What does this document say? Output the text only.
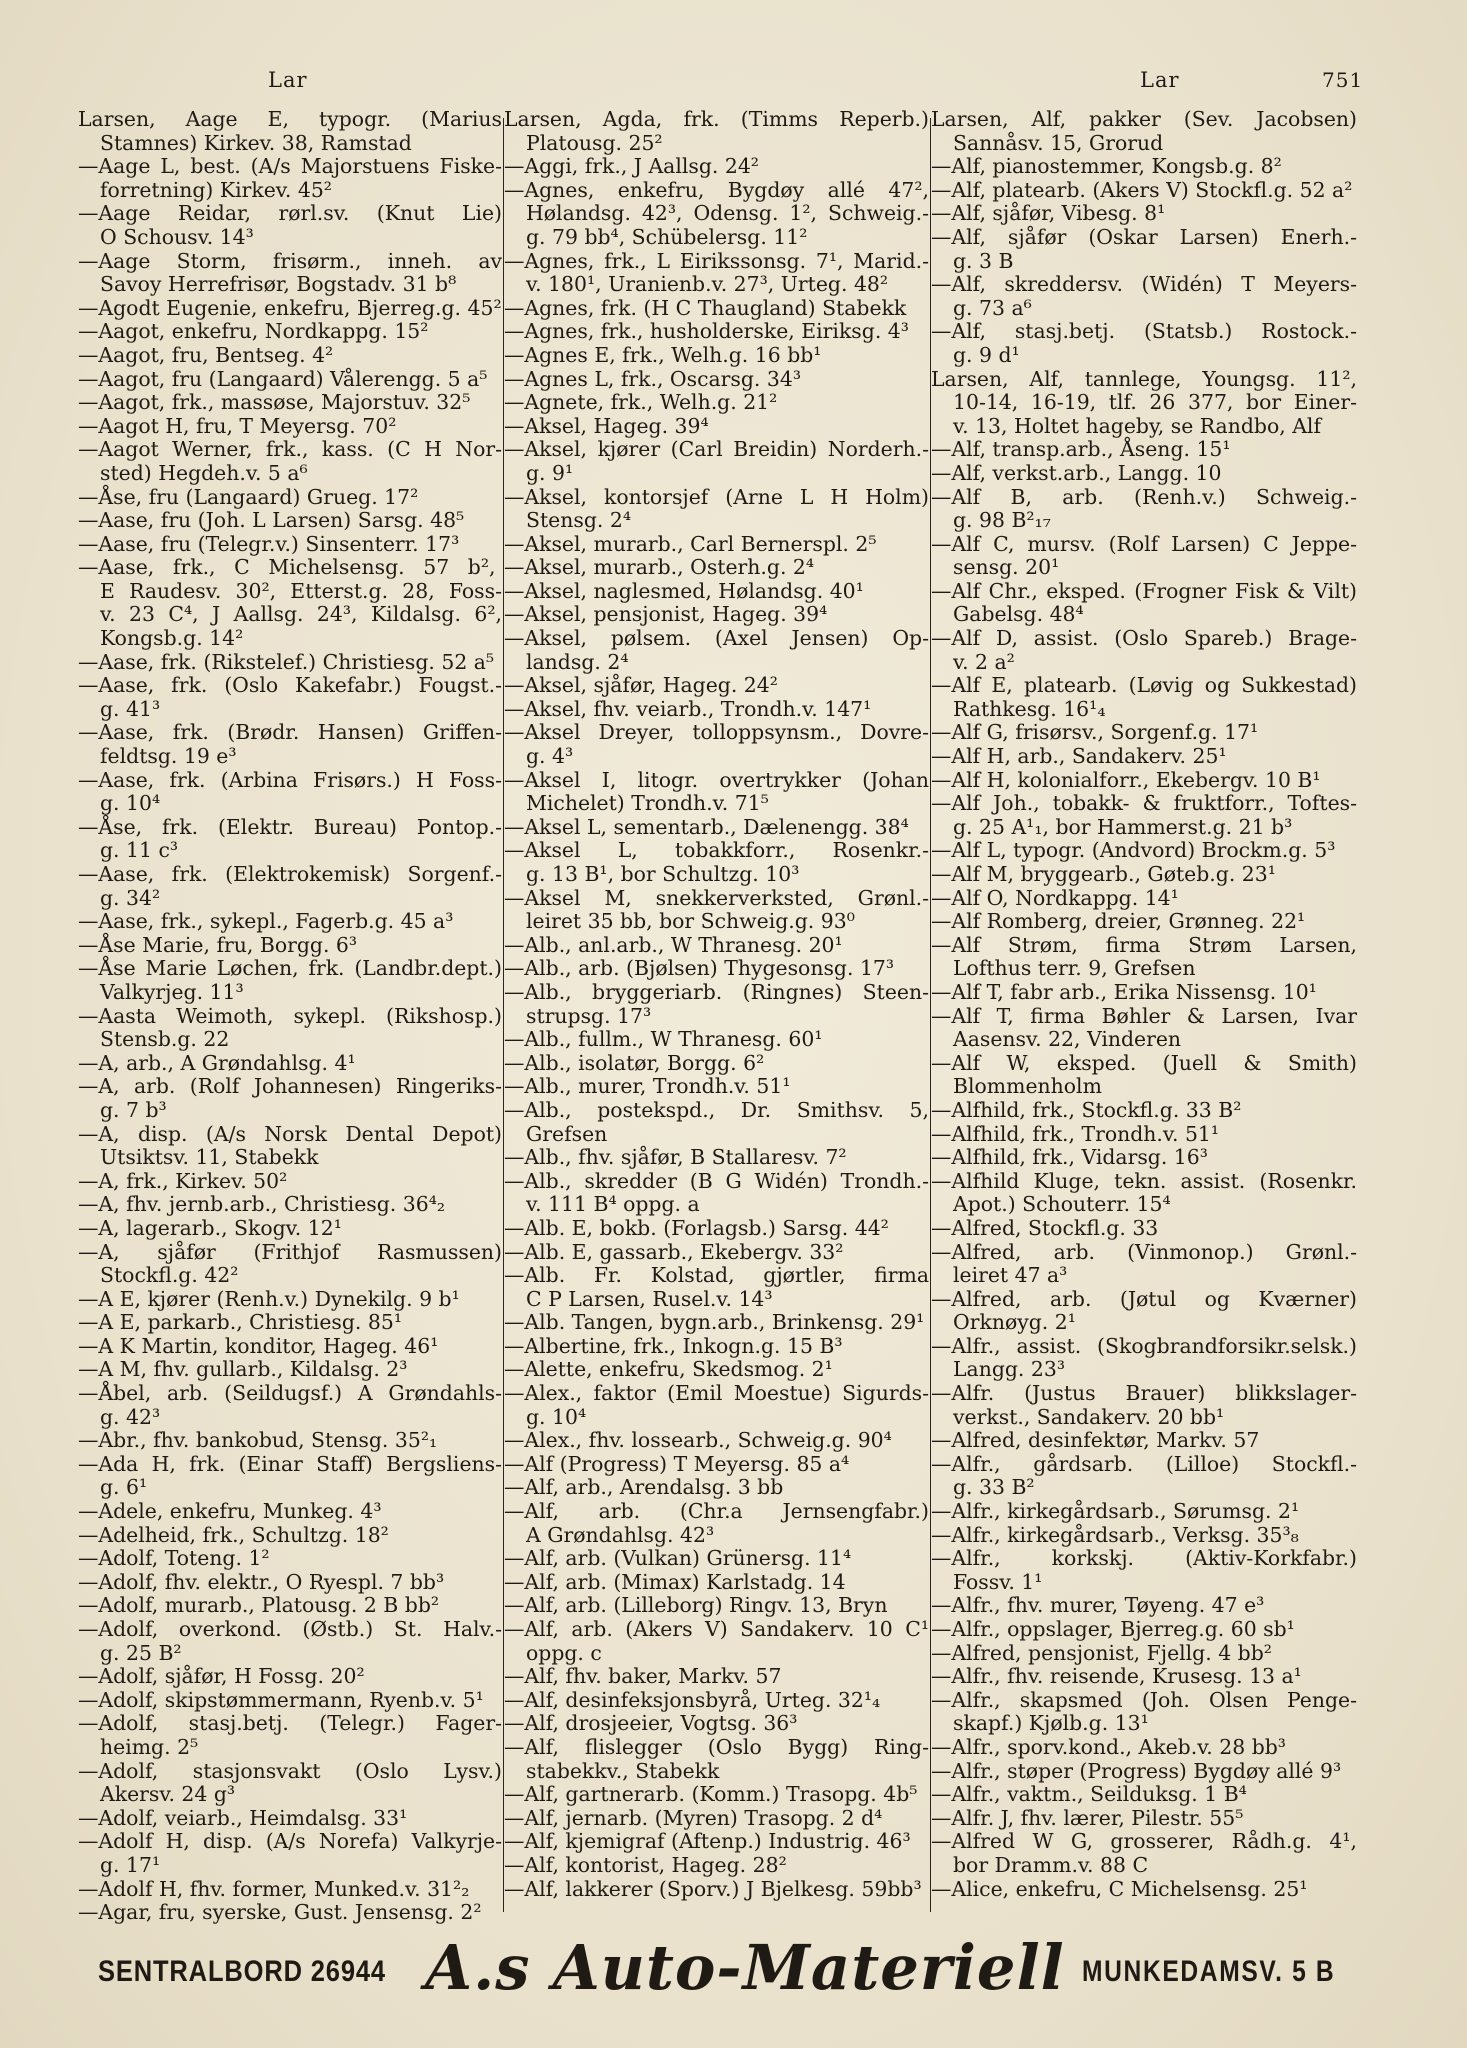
Lar	Lar	751
Larsen, Aage E, typogr. (Marius
Stamnes) Kirkev. 38, Ramstad
—Aage L, best. (A/s Majorstuens Fiske-
forretning) Kirkev. 45²
—Aage Reidar, rørl.sv. (Knut Lie)
O Schousv. 14³
—Aage Storm, frisørm., inneh. av
Savoy Herrefrisør, Bogstadv. 31 b⁸
—Agodt Eugenie, enkefru, Bjerreg.g. 45²
—Aagot, enkefru, Nordkappg. 15²
—Aagot, fru, Bentseg. 4²
—Aagot, fru (Langaard) Vålerengg. 5 a⁵
—Aagot, frk., massøse, Majorstuv. 32⁵
—Aagot H, fru, T Meyersg. 70²
—Aagot Werner, frk., kass. (C H Nor-
sted) Hegdeh.v. 5 a⁶
—Åse, fru (Langaard) Grueg. 17²
—Aase, fru (Joh. L Larsen) Sarsg. 48⁵
—Aase, fru (Telegr.v.) Sinsenterr. 17³
—Aase, frk., C Michelsensg. 57 b²,
E Raudesv. 30², Etterst.g. 28, Foss-
v. 23 C⁴, J Aallsg. 24³, Kildalsg. 6²,
Kongsb.g. 14²
—Aase, frk. (Rikstelef.) Christiesg. 52 a⁵
—Aase, frk. (Oslo Kakefabr.) Fougst.-
g. 41³
—Aase, frk. (Brødr. Hansen) Griffen-
feldtsg. 19 e³
—Aase, frk. (Arbina Frisørs.) H Foss-
g. 10⁴
—Åse, frk. (Elektr. Bureau) Pontop.-
g. 11 c³
—Aase, frk. (Elektrokemisk) Sorgenf.-
g. 34²
—Aase, frk., sykepl., Fagerb.g. 45 a³
—Åse Marie, fru, Borgg. 6³
—Åse Marie Løchen, frk. (Landbr.dept.)
Valkyrjeg. 11³
—Aasta Weimoth, sykepl. (Rikshosp.)
Stensb.g. 22
—A, arb., A Grøndahlsg. 4¹
—A, arb. (Rolf Johannesen) Ringeriks-
g. 7 b³
—A, disp. (A/s Norsk Dental Depot)
Utsiktsv. 11, Stabekk
—A, frk., Kirkev. 50²
—A, fhv. jernb.arb., Christiesg. 36⁴₂
—A, lagerarb., Skogv. 12¹
—A, sjåfør (Frithjof Rasmussen)
Stockfl.g. 42²
—A E, kjører (Renh.v.) Dynekilg. 9 b¹
—A E, parkarb., Christiesg. 85¹
—A K Martin, konditor, Hageg. 46¹
—A M, fhv. gullarb., Kildalsg. 2³
—Åbel, arb. (Seildugsf.) A Grøndahls-
g. 42³
—Abr., fhv. bankobud, Stensg. 35²₁
—Ada H, frk. (Einar Staff) Bergsliens-
g. 6¹
—Adele, enkefru, Munkeg. 4³
—Adelheid, frk., Schultzg. 18²
—Adolf, Toteng. 1²
—Adolf, fhv. elektr., O Ryespl. 7 bb³
—Adolf, murarb., Platousg. 2 B bb²
—Adolf, overkond. (Østb.) St. Halv.-
g. 25 B²
—Adolf, sjåfør, H Fossg. 20²
—Adolf, skipstømmermann, Ryenb.v. 5¹
—Adolf, stasj.betj. (Telegr.) Fager-
heimg. 2⁵
—Adolf, stasjonsvakt (Oslo Lysv.)
Akersv. 24 g³
—Adolf, veiarb., Heimdalsg. 33¹
—Adolf H, disp. (A/s Norefa) Valkyrje-
g. 17¹
—Adolf H, fhv. former, Munked.v. 31²₂
—Agar, fru, syerske, Gust. Jensensg. 2²
Larsen, Agda, frk. (Timms Reperb.)
Platousg. 25²
—Aggi, frk., J Aallsg. 24²
—Agnes, enkefru, Bygdøy allé 47²,
Hølandsg. 42³, Odensg. 1², Schweig.-
g. 79 bb⁴, Schübelersg. 11²
—Agnes, frk., L Eirikssonsg. 7¹, Marid.-
v. 180¹, Uranienb.v. 27³, Urteg. 48²
—Agnes, frk. (H C Thaugland) Stabekk
—Agnes, frk., husholderske, Eiriksg. 4³
—Agnes E, frk., Welh.g. 16 bb¹
—Agnes L, frk., Oscarsg. 34³
—Agnete, frk., Welh.g. 21²
—Aksel, Hageg. 39⁴
—Aksel, kjører (Carl Breidin) Norderh.-
g. 9¹
—Aksel, kontorsjef (Arne L H Holm)
Stensg. 2⁴
—Aksel, murarb., Carl Bernerspl. 2⁵
—Aksel, murarb., Osterh.g. 2⁴
—Aksel, naglesmed, Hølandsg. 40¹
—Aksel, pensjonist, Hageg. 39⁴
—Aksel, pølsem. (Axel Jensen) Op-
landsg. 2⁴
—Aksel, sjåfør, Hageg. 24²
—Aksel, fhv. veiarb., Trondh.v. 147¹
—Aksel Dreyer, tolloppsynsm., Dovre-
g. 4³
—Aksel I, litogr. overtrykker (Johan
Michelet) Trondh.v. 71⁵
—Aksel L, sementarb., Dælenengg. 38⁴
—Aksel L, tobakkforr., Rosenkr.-
g. 13 B¹, bor Schultzg. 10³
—Aksel M, snekkerverksted, Grønl.-
leiret 35 bb, bor Schweig.g. 93⁰
—Alb., anl.arb., W Thranesg. 20¹
—Alb., arb. (Bjølsen) Thygesonsg. 17³
—Alb., bryggeriarb. (Ringnes) Steen-
strupsg. 17³
—Alb., fullm., W Thranesg. 60¹
—Alb., isolatør, Borgg. 6²
—Alb., murer, Trondh.v. 51¹
—Alb., postekspd., Dr. Smithsv. 5,
Grefsen
—Alb., fhv. sjåfør, B Stallaresv. 7²
—Alb., skredder (B G Widén) Trondh.-
v. 111 B⁴ oppg. a
—Alb. E, bokb. (Forlagsb.) Sarsg. 44²
—Alb. E, gassarb., Ekebergv. 33²
—Alb. Fr. Kolstad, gjørtler, firma
C P Larsen, Rusel.v. 14³
—Alb. Tangen, bygn.arb., Brinkensg. 29¹
—Albertine, frk., Inkogn.g. 15 B³
—Alette, enkefru, Skedsmog. 2¹
—Alex., faktor (Emil Moestue) Sigurds-
g. 10⁴
—Alex., fhv. lossearb., Schweig.g. 90⁴
—Alf (Progress) T Meyersg. 85 a⁴
—Alf, arb., Arendalsg. 3 bb
—Alf, arb. (Chr.a Jernsengfabr.)
A Grøndahlsg. 42³
—Alf, arb. (Vulkan) Grünersg. 11⁴
—Alf, arb. (Mimax) Karlstadg. 14
—Alf, arb. (Lilleborg) Ringv. 13, Bryn
—Alf, arb. (Akers V) Sandakerv. 10 C¹
oppg. c
—Alf, fhv. baker, Markv. 57
—Alf, desinfeksjonsbyrå, Urteg. 32¹₄
—Alf, drosjeeier, Vogtsg. 36³
—Alf, flislegger (Oslo Bygg) Ring-
stabekkv., Stabekk
—Alf, gartnerarb. (Komm.) Trasopg. 4b⁵
—Alf, jernarb. (Myren) Trasopg. 2 d⁴
—Alf, kjemigraf (Aftenp.) Industrig. 46³
—Alf, kontorist, Hageg. 28²
—Alf, lakkerer (Sporv.) J Bjelkesg. 59bb³
Larsen, Alf, pakker (Sev. Jacobsen)
Sannåsv. 15, Grorud
—Alf, pianostemmer, Kongsb.g. 8²
—Alf, platearb. (Akers V) Stockfl.g. 52 a²
—Alf, sjåfør, Vibesg. 8¹
—Alf, sjåfør (Oskar Larsen) Enerh.-
g. 3 B
—Alf, skreddersv. (Widén) T Meyers-
g. 73 a⁶
—Alf, stasj.betj. (Statsb.) Rostock.-
g. 9 d¹
Larsen, Alf, tannlege, Youngsg. 11²,
10-14, 16-19, tlf. 26 377, bor Einer-
v. 13, Holtet hageby, se Randbo, Alf
—Alf, transp.arb., Åseng. 15¹
—Alf, verkst.arb., Langg. 10
—Alf B, arb. (Renh.v.) Schweig.-
g. 98 B²₁₇
—Alf C, mursv. (Rolf Larsen) C Jeppe-
sensg. 20¹
—Alf Chr., eksped. (Frogner Fisk & Vilt)
Gabelsg. 48⁴
—Alf D, assist. (Oslo Spareb.) Brage-
v. 2 a²
—Alf E, platearb. (Løvig og Sukkestad)
Rathkesg. 16¹₄
—Alf G, frisørsv., Sorgenf.g. 17¹
—Alf H, arb., Sandakerv. 25¹
—Alf H, kolonialforr., Ekebergv. 10 B¹
—Alf Joh., tobakk- & fruktforr., Toftes-
g. 25 A¹₁, bor Hammerst.g. 21 b³
—Alf L, typogr. (Andvord) Brockm.g. 5³
—Alf M, bryggearb., Gøteb.g. 23¹
—Alf O, Nordkappg. 14¹
—Alf Romberg, dreier, Grønneg. 22¹
—Alf Strøm, firma Strøm Larsen,
Lofthus terr. 9, Grefsen
—Alf T, fabr arb., Erika Nissensg. 10¹
—Alf T, firma Bøhler & Larsen, Ivar
Aasensv. 22, Vinderen
—Alf W, eksped. (Juell & Smith)
Blommenholm
—Alfhild, frk., Stockfl.g. 33 B²
—Alfhild, frk., Trondh.v. 51¹
—Alfhild, frk., Vidarsg. 16³
—Alfhild Kluge, tekn. assist. (Rosenkr.
Apot.) Schouterr. 15⁴
—Alfred, Stockfl.g. 33
—Alfred, arb. (Vinmonop.) Grønl.-
leiret 47 a³
—Alfred, arb. (Jøtul og Kværner)
Orknøyg. 2¹
—Alfr., assist. (Skogbrandforsikr.selsk.)
Langg. 23³
—Alfr. (Justus Brauer) blikkslager-
verkst., Sandakerv. 20 bb¹
—Alfred, desinfektør, Markv. 57
—Alfr., gårdsarb. (Lilloe) Stockfl.-
g. 33 B²
—Alfr., kirkegårdsarb., Sørumsg. 2¹
—Alfr., kirkegårdsarb., Verksg. 35³₈
—Alfr., korkskj. (Aktiv-Korkfabr.)
Fossv. 1¹
—Alfr., fhv. murer, Tøyeng. 47 e³
—Alfr., oppslager, Bjerreg.g. 60 sb¹
—Alfred, pensjonist, Fjellg. 4 bb²
—Alfr., fhv. reisende, Krusesg. 13 a¹
—Alfr., skapsmed (Joh. Olsen Penge-
skapf.) Kjølb.g. 13¹
—Alfr., sporv.kond., Akeb.v. 28 bb³
—Alfr., støper (Progress) Bygdøy allé 9³
—Alfr., vaktm., Seilduksg. 1 B⁴
—Alfr. J, fhv. lærer, Pilestr. 55⁵
—Alfred W G, grosserer, Rådh.g. 4¹,
bor Dramm.v. 88 C
—Alice, enkefru, C Michelsensg. 25¹
SENTRALBORD 26944 A.s Auto-Materiell MUNKEDAMSV. 5 B
